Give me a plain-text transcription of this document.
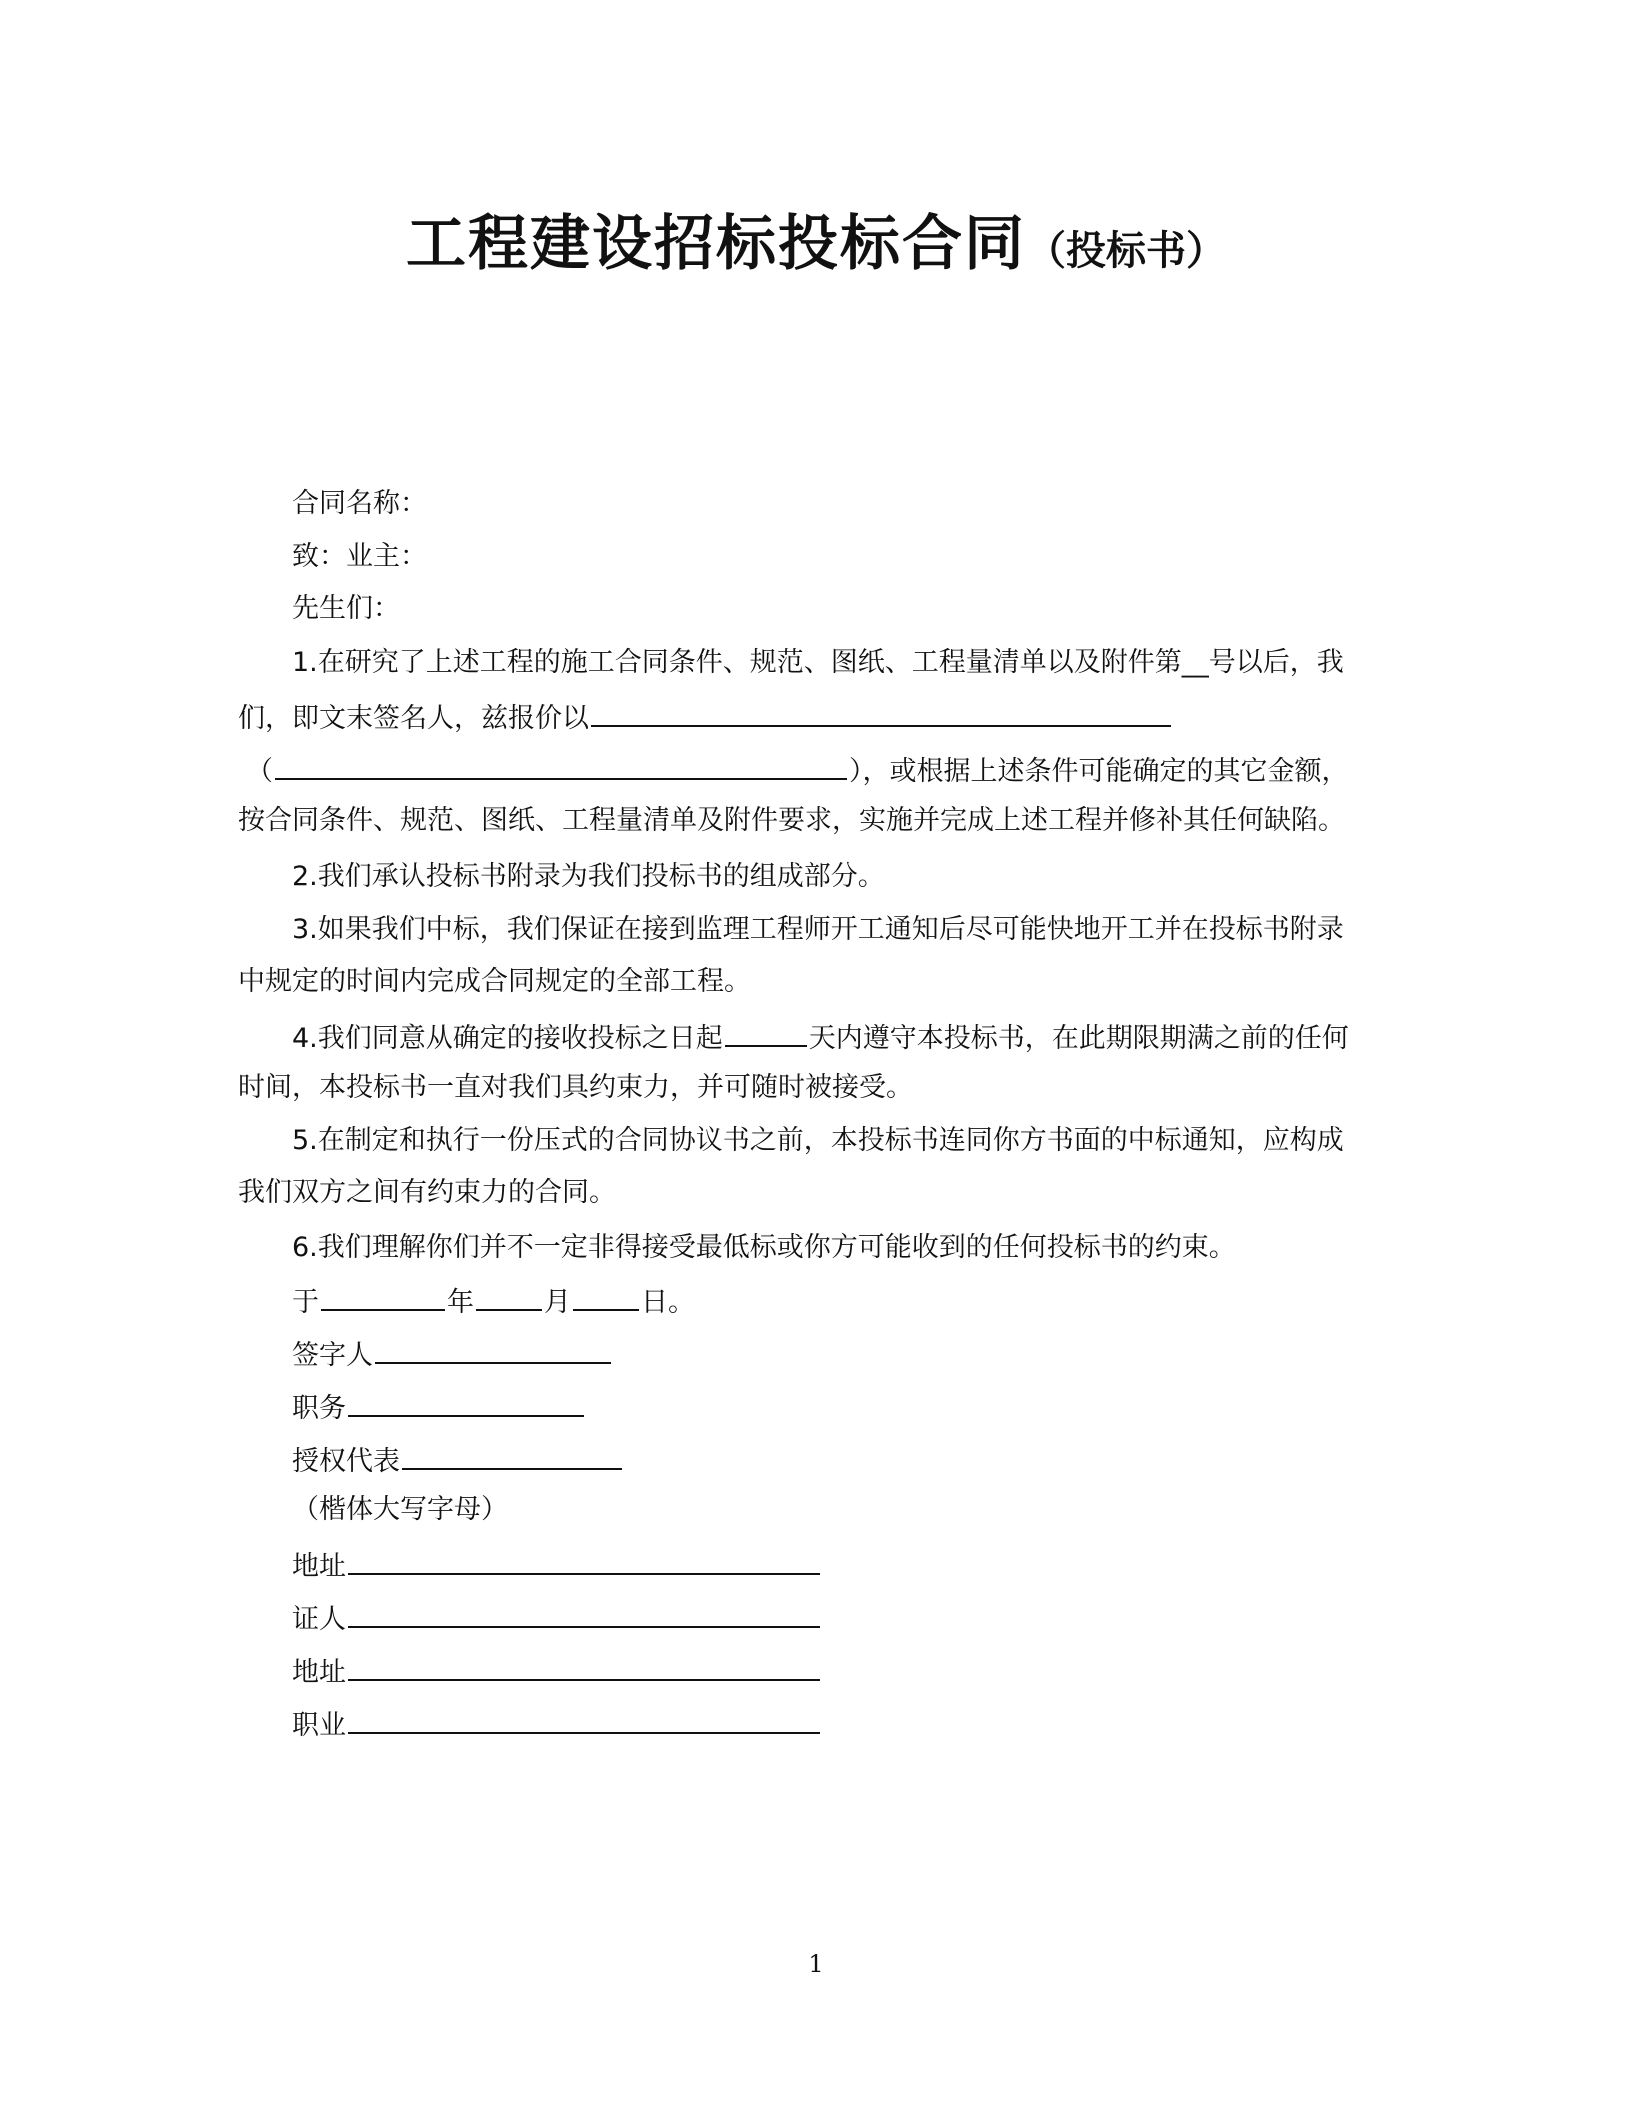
工程建设招标投标合同（投标书）
合同名称：
致：业主：
先生们：
1.在研究了上述工程的施工合同条件、规范、图纸、工程量清单以及附件第__号以后，我
们，即文末签名人，兹报价以
（	），或根据上述条件可能确定的其它金额，
按合同条件、规范、图纸、工程量清单及附件要求，实施并完成上述工程并修补其任何缺陷。
2.我们承认投标书附录为我们投标书的组成部分。
3.如果我们中标，我们保证在接到监理工程师开工通知后尽可能快地开工并在投标书附录
中规定的时间内完成合同规定的全部工程。
4.我们同意从确定的接收投标之日起	天内遵守本投标书，在此期限期满之前的任何
时间，本投标书一直对我们具约束力，并可随时被接受。
5.在制定和执行一份压式的合同协议书之前，本投标书连同你方书面的中标通知，应构成
我们双方之间有约束力的合同。
6.我们理解你们并不一定非得接受最低标或你方可能收到的任何投标书的约束。
于	年	月	日。
签字人
职务
授权代表
（楷体大写字母）
地址
证人
地址
职业
1
